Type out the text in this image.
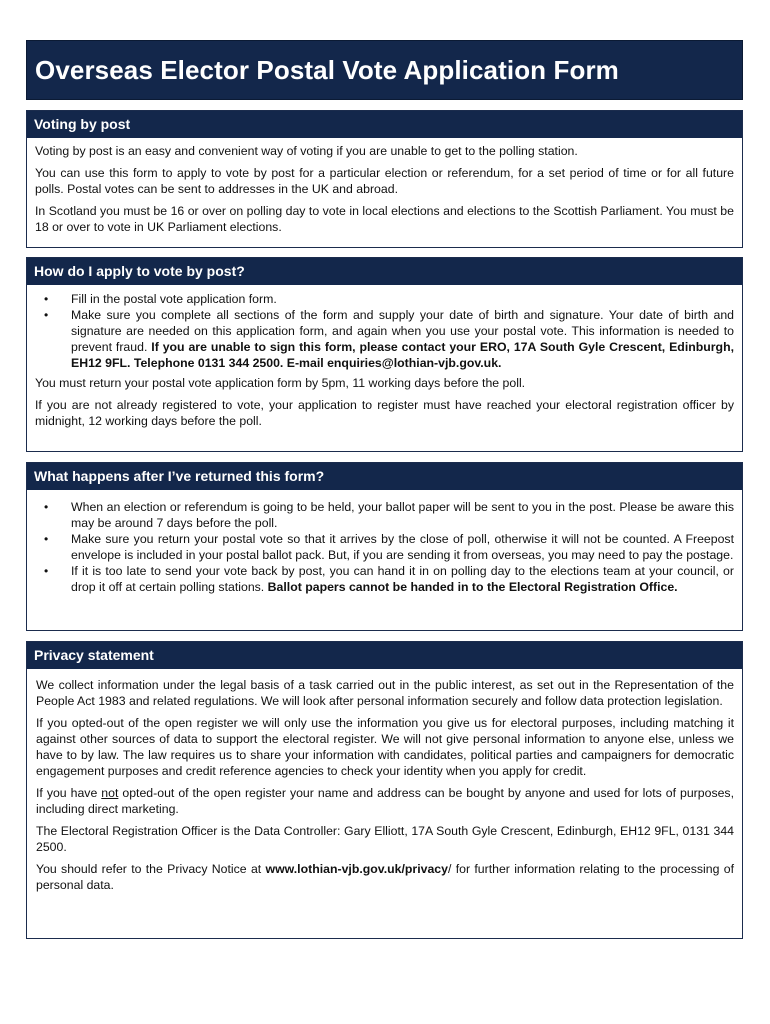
Overseas Elector Postal Vote Application Form
Voting by post

Voting by post is an easy and convenient way of voting if you are unable to get to the polling station.

You can use this form to apply to vote by post for a particular election or referendum, for a set period of time or for all future polls. Postal votes can be sent to addresses in the UK and abroad.

In Scotland you must be 16 or over on polling day to vote in local elections and elections to the Scottish Parliament. You must be 18 or over to vote in UK Parliament elections.

How do I apply to vote by post?
• Fill in the postal vote application form.
• Make sure you complete all sections of the form and supply your date of birth and signature. Your date of birth and signature are needed on this application form, and again when you use your postal vote. This information is needed to prevent fraud. If you are unable to sign this form, please contact your ERO, 17A South Gyle Crescent, Edinburgh, EH12 9FL. Telephone 0131 344 2500. E-mail enquiries@lothian-vjb.gov.uk.

You must return your postal vote application form by 5pm, 11 working days before the poll.

If you are not already registered to vote, your application to register must have reached your electoral registration officer by midnight, 12 working days before the poll.

What happens after I’ve returned this form?
• When an election or referendum is going to be held, your ballot paper will be sent to you in the post. Please be aware this may be around 7 days before the poll.
• Make sure you return your postal vote so that it arrives by the close of poll, otherwise it will not be counted. A Freepost envelope is included in your postal ballot pack. But, if you are sending it from overseas, you may need to pay the postage.
• If it is too late to send your vote back by post, you can hand it in on polling day to the elections team at your council, or drop it off at certain polling stations. Ballot papers cannot be handed in to the Electoral Registration Office.
Privacy statement

We collect information under the legal basis of a task carried out in the public interest, as set out in the Representation of the People Act 1983 and related regulations. We will look after personal information securely and follow data protection legislation.

If you opted-out of the open register we will only use the information you give us for electoral purposes, including matching it against other sources of data to support the electoral register. We will not give personal information to anyone else, unless we have to by law. The law requires us to share your information with candidates, political parties and campaigners for democratic engagement purposes and credit reference agencies to check your identity when you apply for credit.

If you have not opted-out of the open register your name and address can be bought by anyone and used for lots of purposes, including direct marketing.

The Electoral Registration Officer is the Data Controller: Gary Elliott, 17A South Gyle Crescent, Edinburgh, EH12 9FL, 0131 344 2500.

You should refer to the Privacy Notice at www.lothian-vjb.gov.uk/privacy/ for further information relating to the processing of personal data.
